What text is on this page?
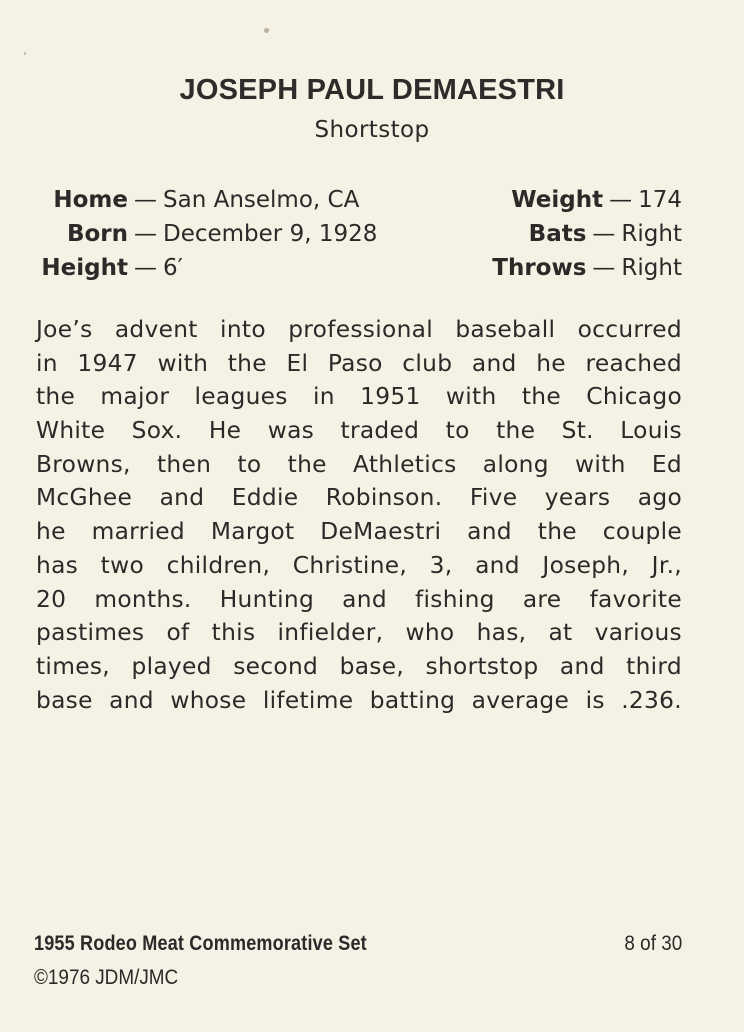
JOSEPH PAUL DEMAESTRI
Shortstop
Home — San Anselmo, CA
Born — December 9, 1928
Height — 6′
Weight — 174
Bats — Right
Throws — Right
Joe’s advent into professional baseball occurred
in 1947 with the El Paso club and he reached
the major leagues in 1951 with the Chicago
White Sox. He was traded to the St. Louis
Browns, then to the Athletics along with Ed
McGhee and Eddie Robinson. Five years ago
he married Margot DeMaestri and the couple
has two children, Christine, 3, and Joseph, Jr.,
20 months. Hunting and fishing are favorite
pastimes of this infielder, who has, at various
times, played second base, shortstop and third
base and whose lifetime batting average is .236.
1955 Rodeo Meat Commemorative Set	8 of 30
©1976 JDM/JMC
